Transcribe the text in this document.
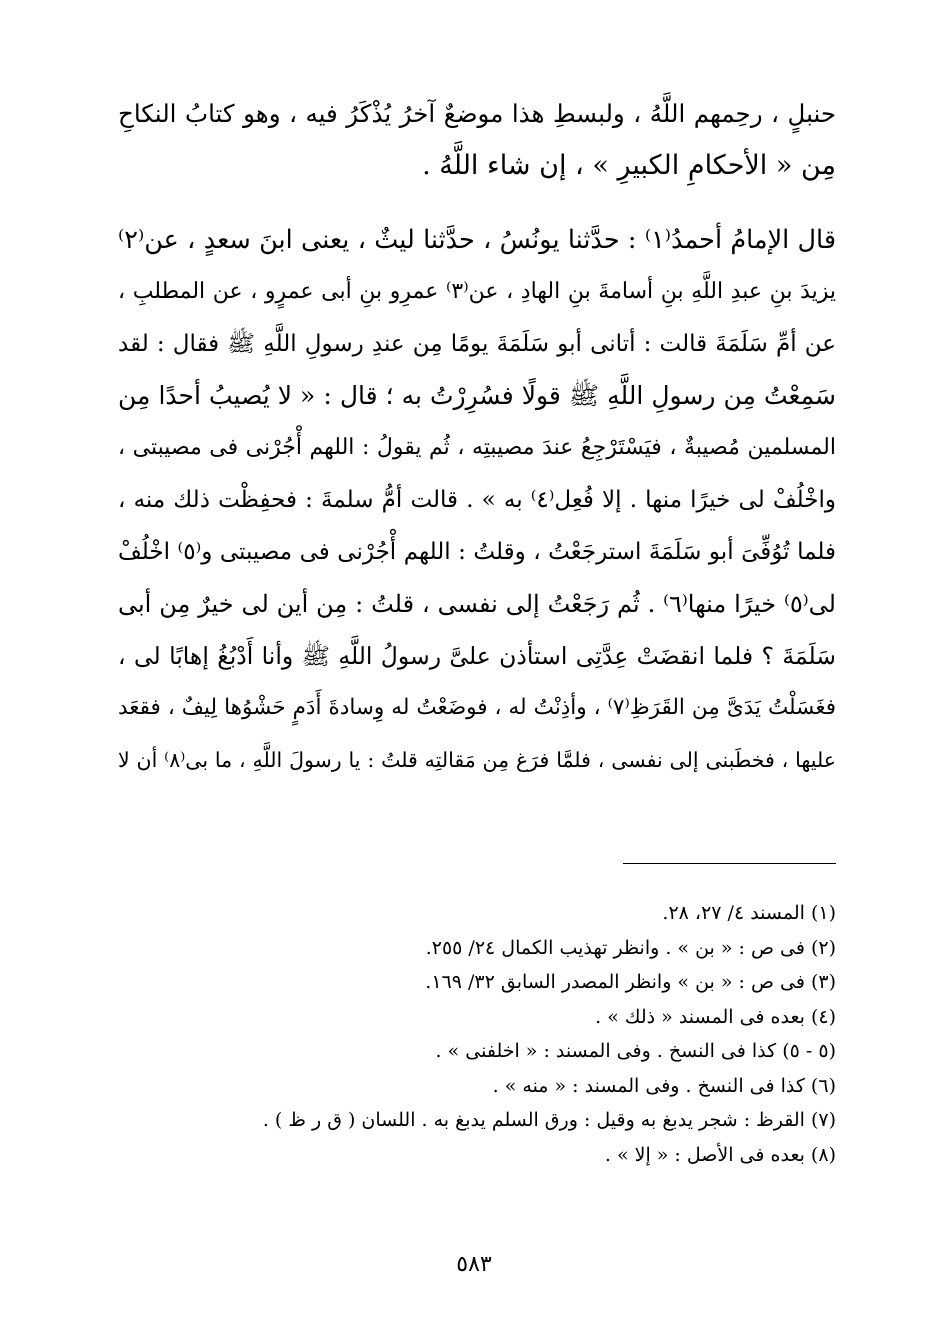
حنبلٍ ، رحِمهم اللَّهُ ، ولبسطِ هذا موضعٌ آخرُ يُذْكَرُ فيه ، وهو كتابُ النكاحِ
مِن « الأحكامِ الكبيرِ » ، إن شاء اللَّهُ .
قال الإمامُ أحمدُ⁽١⁾ : حدَّثنا يونُسُ ، حدَّثنا ليثٌ ، يعنى ابنَ سعدٍ ، عن⁽٢⁾
يزيدَ بنِ عبدِ اللَّهِ بنِ أسامةَ بنِ الهادِ ، عن⁽٣⁾ عمرِو بنِ أبى عمرٍو ، عن المطلبِ ،
عن أمِّ سَلَمَةَ قالت : أتانى أبو سَلَمَةَ يومًا مِن عندِ رسولِ اللَّهِ ﷺ فقال : لقد
سَمِعْتُ مِن رسولِ اللَّهِ ﷺ قولًا فسُرِرْتُ به ؛ قال : « لا يُصيبُ أحدًا مِن
المسلمين مُصيبةٌ ، فيَسْتَرْجِعُ عندَ مصيبتِه ، ثُم يقولُ : اللهم أْجُرْنى فى مصيبتى ،
واخْلُفْ لى خيرًا منها . إلا فُعِل⁽٤⁾ به » . قالت أمُّ سلمةَ : فحفِظْت ذلك منه ،
فلما تُوُفِّىَ أبو سَلَمَةَ استرجَعْتُ ، وقلتُ : اللهم أْجُرْنى فى مصيبتى و⁽٥⁾ اخْلُفْ
لى⁽٥⁾ خيرًا منها⁽٦⁾ . ثُم رَجَعْتُ إلى نفسى ، قلتُ : مِن أين لى خيرٌ مِن أبى
سَلَمَةَ ؟ فلما انقضَتْ عِدَّتِى استأذن علىَّ رسولُ اللَّهِ ﷺ وأنا أَدْبُغُ إهابًا لى ،
فغَسَلْتُ يَدَىَّ مِن القَرَظِ⁽٧⁾ ، وأذِنْتُ له ، فوضَعْتُ له وِسادةَ أَدَمٍ حَشْوُها لِيفٌ ، فقعَد
عليها ، فخطَبنى إلى نفسى ، فلمَّا فرَغ مِن مَقالتِه قلتُ : يا رسولَ اللَّهِ ، ما بى⁽٨⁾ أن لا
(١) المسند ٤/ ٢٧، ٢٨.
(٢) فى ص : « بن » . وانظر تهذيب الكمال ٢٤/ ٢٥٥.
(٣) فى ص : « بن » وانظر المصدر السابق ٣٢/ ١٦٩.
(٤) بعده فى المسند « ذلك » .
(٥ - ٥) كذا فى النسخ . وفى المسند : « اخلفنى » .
(٦) كذا فى النسخ . وفى المسند : « منه » .
(٧) القرظ : شجر يدبغ به وقيل : ورق السلم يدبغ به . اللسان ( ق ر ظ ) .
(٨) بعده فى الأصل : « إلا » .
٥٨٣
